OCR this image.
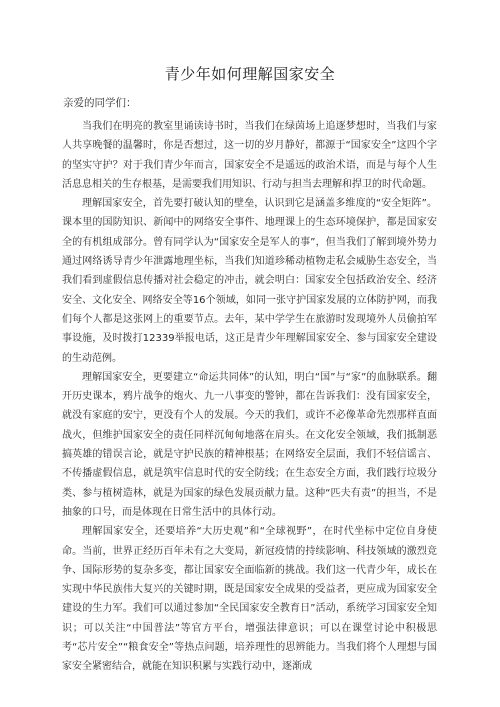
青少年如何理解国家安全

亲爱的同学们：

当我们在明亮的教室里诵读诗书时，当我们在绿茵场上追逐梦想时，当我们与家人共享晚餐的温馨时，你是否想过，这一切的岁月静好，都源于“国家安全”这四个字的坚实守护？对于我们青少年而言，国家安全不是遥远的政治术语，而是与每个人生活息息相关的生存根基，是需要我们用知识、行动与担当去理解和捍卫的时代命题。

理解国家安全，首先要打破认知的壁垒，认识到它是涵盖多维度的“安全矩阵”。课本里的国防知识、新闻中的网络安全事件、地理课上的生态环境保护，都是国家安全的有机组成部分。曾有同学认为“国家安全是军人的事”，但当我们了解到境外势力通过网络诱导青少年泄露地理坐标，当我们知道珍稀动植物走私会威胁生态安全，当我们看到虚假信息传播对社会稳定的冲击，就会明白：国家安全包括政治安全、经济安全、文化安全、网络安全等16个领域，如同一张守护国家发展的立体防护网，而我们每个人都是这张网上的重要节点。去年，某中学学生在旅游时发现境外人员偷拍军事设施，及时拨打12339举报电话，这正是青少年理解国家安全、参与国家安全建设的生动范例。

理解国家安全，更要建立“命运共同体”的认知，明白“国”与“家”的血脉联系。翻开历史课本，鸦片战争的炮火、九一八事变的警钟，都在告诉我们：没有国家安全，就没有家庭的安宁，更没有个人的发展。今天的我们，或许不必像革命先烈那样直面战火，但维护国家安全的责任同样沉甸甸地落在肩头。在文化安全领域，我们抵制恶搞英雄的错误言论，就是守护民族的精神根基；在网络安全层面，我们不轻信谣言、不传播虚假信息，就是筑牢信息时代的安全防线；在生态安全方面，我们践行垃圾分类、参与植树造林，就是为国家的绿色发展贡献力量。这种“匹夫有责”的担当，不是抽象的口号，而是体现在日常生活中的具体行动。

理解国家安全，还要培养“大历史观”和“全球视野”，在时代坐标中定位自身使命。当前，世界正经历百年未有之大变局，新冠疫情的持续影响、科技领域的激烈竞争、国际形势的复杂多变，都让国家安全面临新的挑战。我们这一代青少年，成长在实现中华民族伟大复兴的关键时期，既是国家安全成果的受益者，更应成为国家安全建设的生力军。我们可以通过参加“全民国家安全教育日”活动，系统学习国家安全知识；可以关注“中国普法”等官方平台，增强法律意识；可以在课堂讨论中积极思考“芯片安全”“粮食安全”等热点问题，培养理性的思辨能力。当我们将个人理想与国家安全紧密结合，就能在知识积累与实践行动中，逐渐成
